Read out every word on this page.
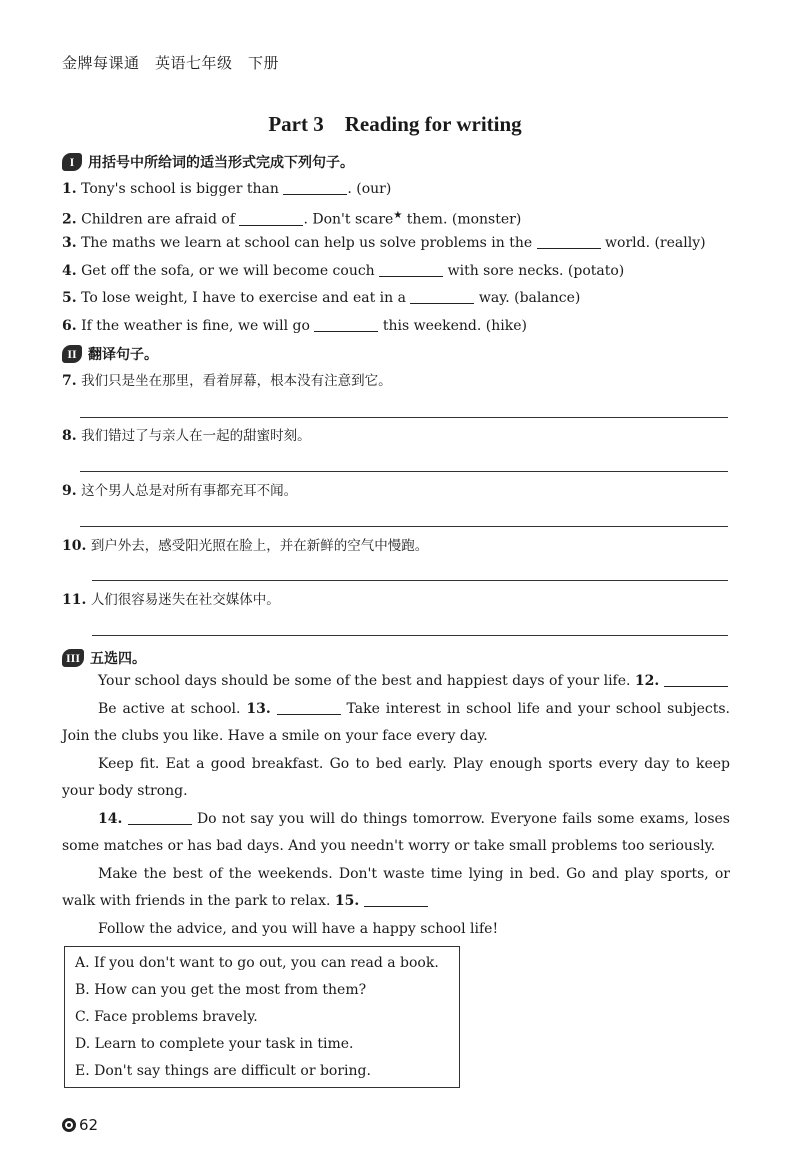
金牌每课通　英语七年级　下册
Part 3　Reading for writing
I 用括号中所给词的适当形式完成下列句子。
1. Tony's school is bigger than	. (our)
2. Children are afraid of	. Don't scare★ them. (monster)
3. The maths we learn at school can help us solve problems in the	world. (really)
4. Get off the sofa, or we will become couch	with sore necks. (potato)
5. To lose weight, I have to exercise and eat in a	way. (balance)
6. If the weather is fine, we will go	this weekend. (hike)
II 翻译句子。
7. 我们只是坐在那里，看着屏幕，根本没有注意到它。
8. 我们错过了与亲人在一起的甜蜜时刻。
9. 这个男人总是对所有事都充耳不闻。
10. 到户外去，感受阳光照在脸上，并在新鲜的空气中慢跑。
11. 人们很容易迷失在社交媒体中。
III 五选四。

Your school days should be some of the best and happiest days of your life. 12.

Be active at school. 13.	Take interest in school life and your school subjects. Join the clubs you like. Have a smile on your face every day.

Keep fit. Eat a good breakfast. Go to bed early. Play enough sports every day to keep your body strong.

14.	Do not say you will do things tomorrow. Everyone fails some exams, loses some matches or has bad days. And you needn't worry or take small problems too seriously.

Make the best of the weekends. Don't waste time lying in bed. Go and play sports, or walk with friends in the park to relax. 15.

Follow the advice, and you will have a happy school life!

A. If you don't want to go out, you can read a book.
B. How can you get the most from them?
C. Face problems bravely.
D. Learn to complete your task in time.
E. Don't say things are difficult or boring.
62
